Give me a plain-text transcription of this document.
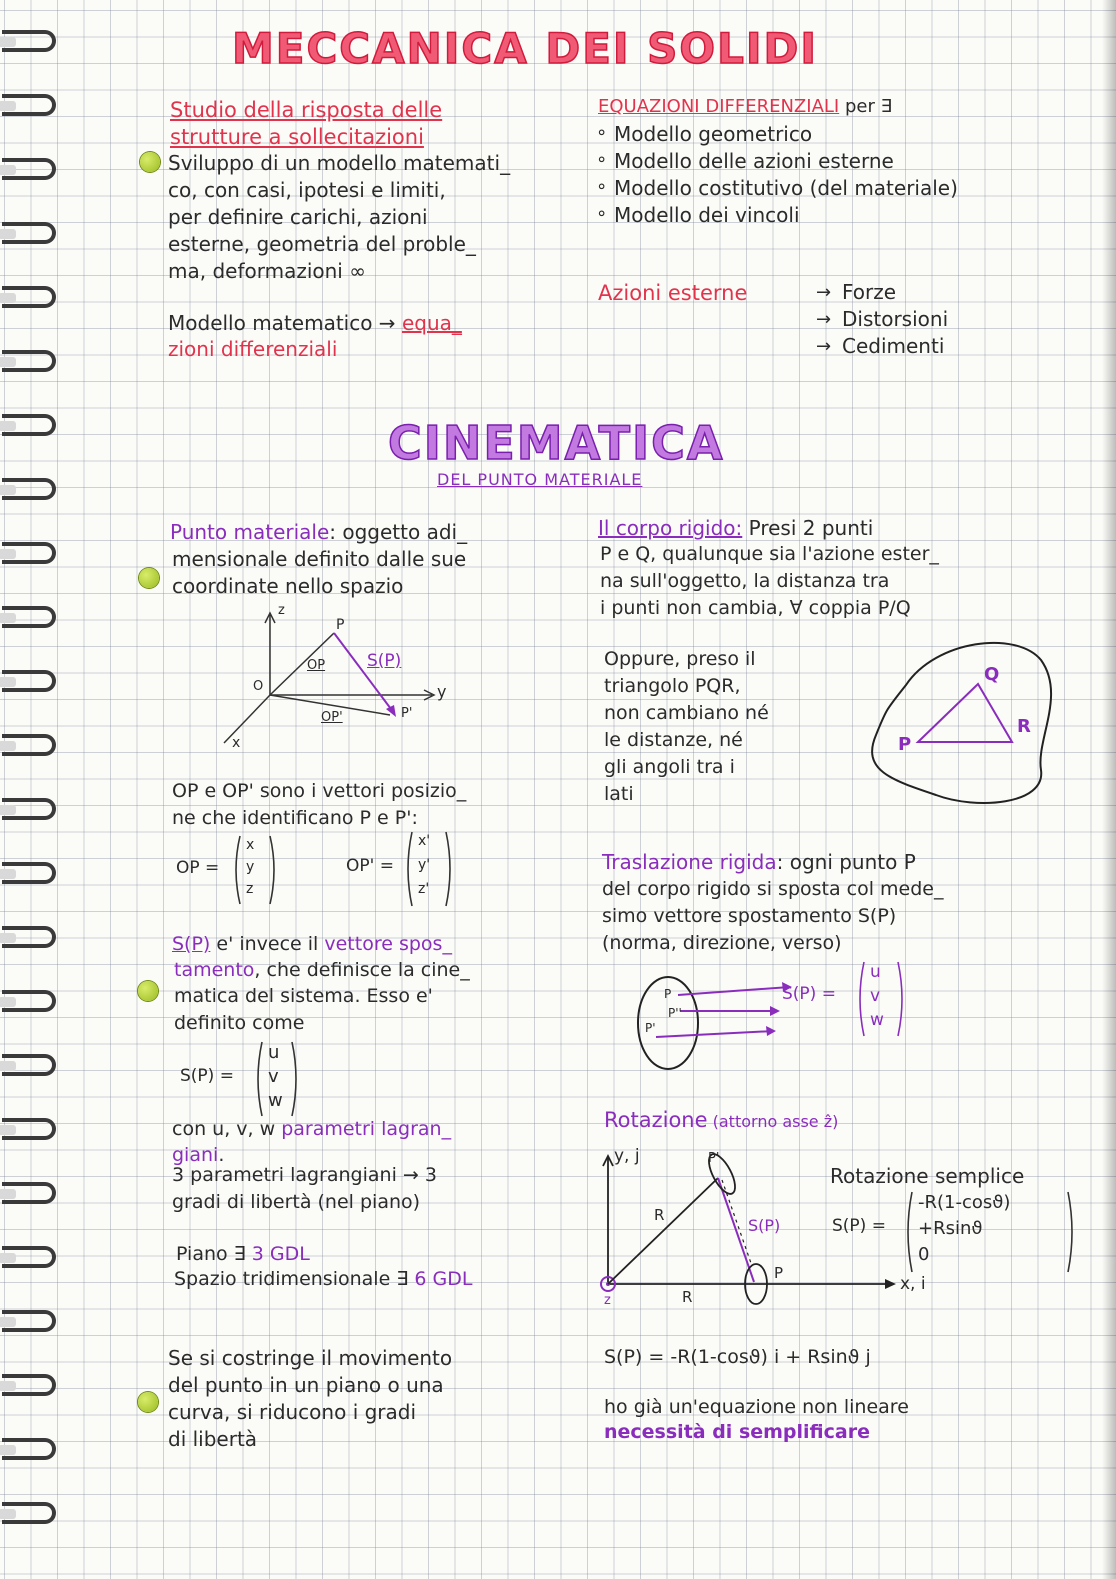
MECCANICA DEI SOLIDI
Studio della risposta delle
strutture a sollecitazioni
Sviluppo di un modello matemati_
co, con casi, ipotesi e limiti,
per definire carichi, azioni
esterne, geometria del proble_
ma, deformazioni ∞
Modello matematico → equa_
zioni differenziali
EQUAZIONI DIFFERENZIALI per ∃
∘ Modello geometrico
∘ Modello delle azioni esterne
∘ Modello costitutivo (del materiale)
∘ Modello dei vincoli
Azioni esterne	→ Forze
→ Distorsioni
→ Cedimenti
CINEMATICA
DEL PUNTO MATERIALE
Punto materiale: oggetto adi_
mensionale definito dalle sue
coordinate nello spazio
z
P
OP S(P)
O	y
OP'	P'
x
OP e OP' sono i vettori posizio_
ne che identificano P e P':
OP =
x
y
z
OP' =
x'
y'
z'
S(P) e' invece il vettore spos_
tamento, che definisce la cine_
matica del sistema. Esso e'
definito come
S(P) =
u
v
w
con u, v, w parametri lagran_
giani.
3 parametri lagrangiani → 3
gradi di libertà (nel piano)
Piano ∃ 3 GDL
Spazio tridimensionale ∃ 6 GDL
Se si costringe il movimento
del punto in un piano o una
curva, si riducono i gradi
di libertà
Il corpo rigido: Presi 2 punti
P e Q, qualunque sia l'azione ester_
na sull'oggetto, la distanza tra
i punti non cambia, ∀ coppia P/Q
Oppure, preso il
triangolo PQR,
non cambiano né
le distanze, né
gli angoli tra i
lati
Q
R
P
Traslazione rigida: ogni punto P
del corpo rigido si sposta col mede_
simo vettore spostamento S(P)
(norma, direzione, verso)
P
P''
P'
S(P) =
u
v
w
Rotazione (attorno asse ẑ)
y, j	P'
R
S(P)
P
x, i
z	R
Rotazione semplice
S(P) =
-R(1-cosϑ)
+Rsinϑ
0
S(P) = -R(1-cosϑ) i + Rsinϑ j
ho già un'equazione non lineare
necessità di semplificare
